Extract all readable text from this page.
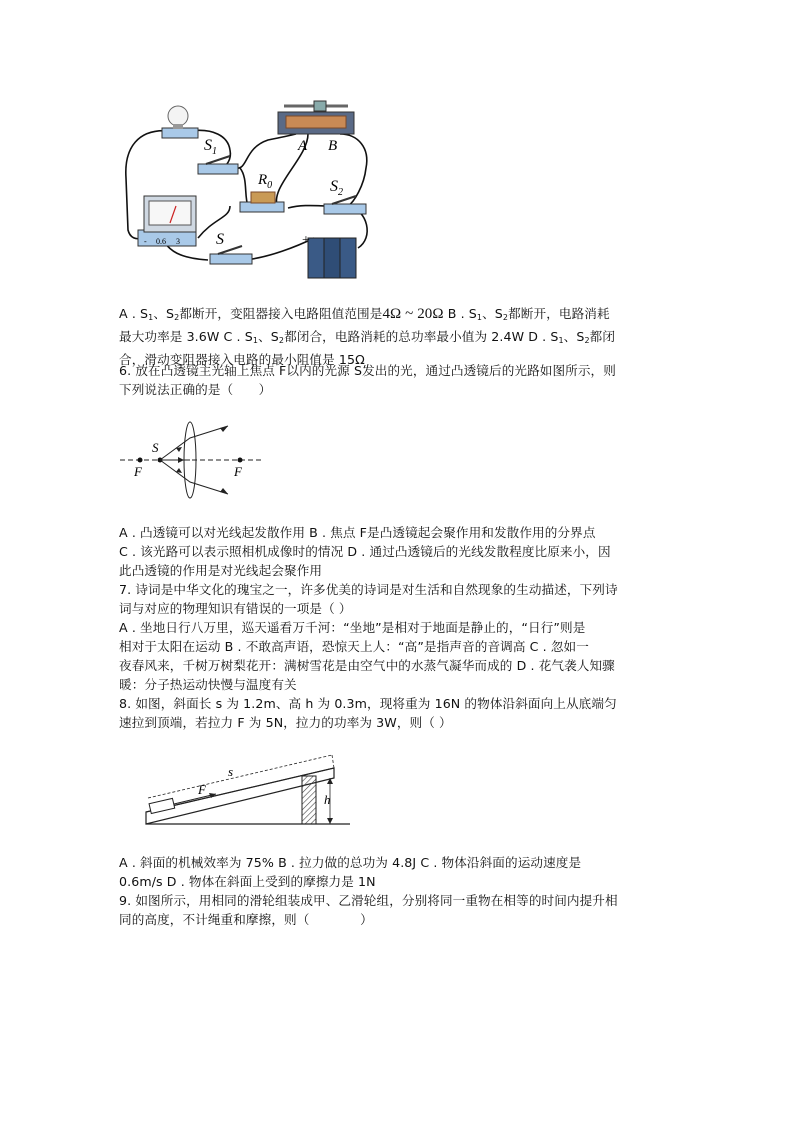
A B
$S_1$
$R_0$	$S_2$
- 0.6 3 S	+
A . $S_1$、$S_2$都断开，变阻器接入电路阻值范围是4Ω ~ 20Ω B . $S_1$、$S_2$都断开，电路消耗
最大功率是 3.6W C . $S_1$、$S_2$都闭合，电路消耗的总功率最小值为 2.4W D . $S_1$、$S_2$都闭
合，滑动变阻器接入电路的最小阻值是 15Ω
6. 放在凸透镜主光轴上焦点 F以内的光源 S发出的光，通过凸透镜后的光路如图所示，则
下列说法正确的是（　　）
S
F	F
A . 凸透镜可以对光线起发散作用 B . 焦点 F是凸透镜起会聚作用和发散作用的分界点
C . 该光路可以表示照相机成像时的情况 D . 通过凸透镜后的光线发散程度比原来小，因
此凸透镜的作用是对光线起会聚作用
7. 诗词是中华文化的瑰宝之一，许多优美的诗词是对生活和自然现象的生动描述，下列诗
词与对应的物理知识有错误的一项是（ ）
A . 坐地日行八万里，巡天遥看万千河：“坐地”是相对于地面是静止的，“日行”则是
相对于太阳在运动 B . 不敢高声语，恐惊天上人：“高”是指声音的音调高 C . 忽如一
夜春风来，千树万树梨花开：满树雪花是由空气中的水蒸气凝华而成的 D . 花气袭人知骤
暖：分子热运动快慢与温度有关
8. 如图，斜面长 s 为 1.2m、高 h 为 0.3m，现将重为 16N 的物体沿斜面向上从底端匀
速拉到顶端，若拉力 F 为 5N，拉力的功率为 3W，则（ ）
F
s
h
A . 斜面的机械效率为 75% B . 拉力做的总功为 4.8J C . 物体沿斜面的运动速度是
0.6m/s D . 物体在斜面上受到的摩擦力是 1N
9. 如图所示，用相同的滑轮组装成甲、乙滑轮组，分别将同一重物在相等的时间内提升相
同的高度，不计绳重和摩擦，则（　　　　）
